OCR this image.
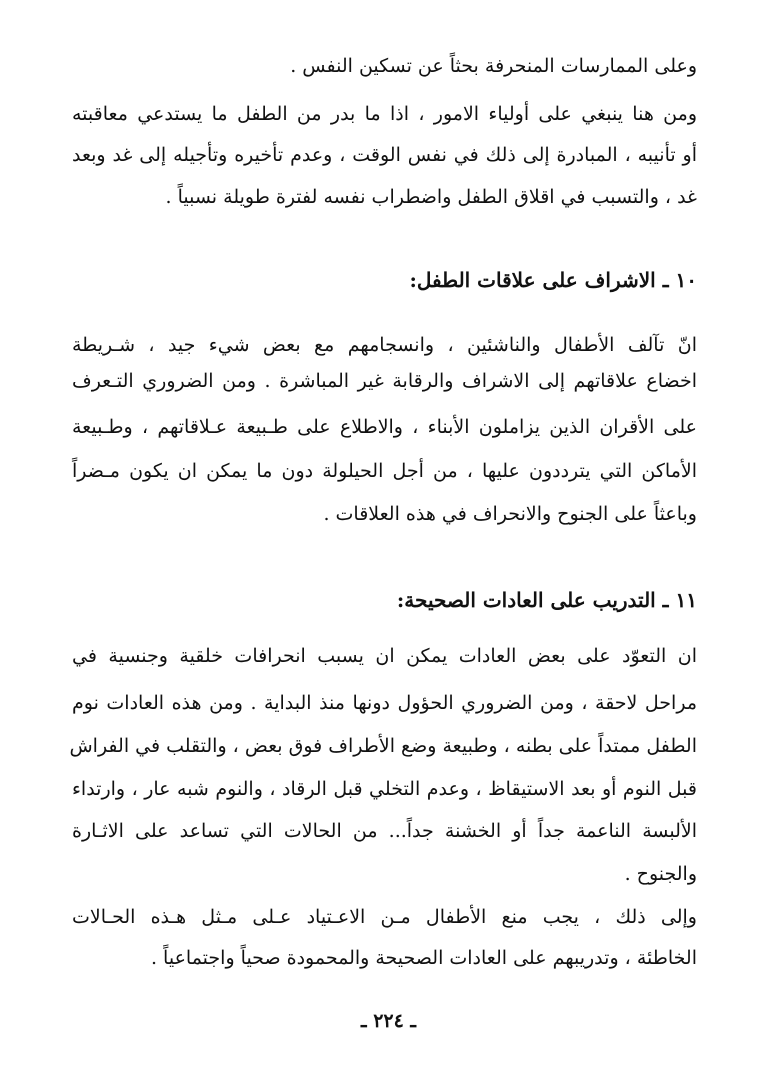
وعلى الممارسات المنحرفة بحثاً عن تسكين النفس .
ومن هنا ينبغي على أولياء الامور ، اذا ما بدر من الطفل ما يستدعي معاقبته
أو تأنيبه ، المبادرة إلى ذلك في نفس الوقت ، وعدم تأخيره وتأجيله إلى غد وبعد
غد ، والتسبب في اقلاق الطفل واضطراب نفسه لفترة طويلة نسبياً .
١٠ ـ الاشراف على علاقات الطفل:
انّ تآلف الأطفال والناشئين ، وانسجامهم مع بعض شيء جيد ، شـريطة
اخضاع علاقاتهم إلى الاشراف والرقابة غير المباشرة . ومن الضروري التـعرف
على الأقران الذين يزاملون الأبناء ، والاطلاع على طـبيعة عـلاقاتهم ، وطـبيعة
الأماكن التي يترددون عليها ، من أجل الحيلولة دون ما يمكن ان يكون مـضراً
وباعثاً على الجنوح والانحراف في هذه العلاقات .
١١ ـ التدريب على العادات الصحيحة:
ان التعوّد على بعض العادات يمكن ان يسبب انحرافات خلقية وجنسية في
مراحل لاحقة ، ومن الضروري الحؤول دونها منذ البداية . ومن هذه العادات نوم
الطفل ممتداً على بطنه ، وطبيعة وضع الأطراف فوق بعض ، والتقلب في الفراش
قبل النوم أو بعد الاستيقاظ ، وعدم التخلي قبل الرقاد ، والنوم شبه عار ، وارتداء
الألبسة الناعمة جداً أو الخشنة جداً... من الحالات التي تساعد على الاثـارة
والجنوح .
وإلى ذلك ، يجب منع الأطفال مـن الاعـتياد عـلى مـثل هـذه الحـالات
الخاطئة ، وتدريبهم على العادات الصحيحة والمحمودة صحياً واجتماعياً .
ـ ٢٢٤ ـ
